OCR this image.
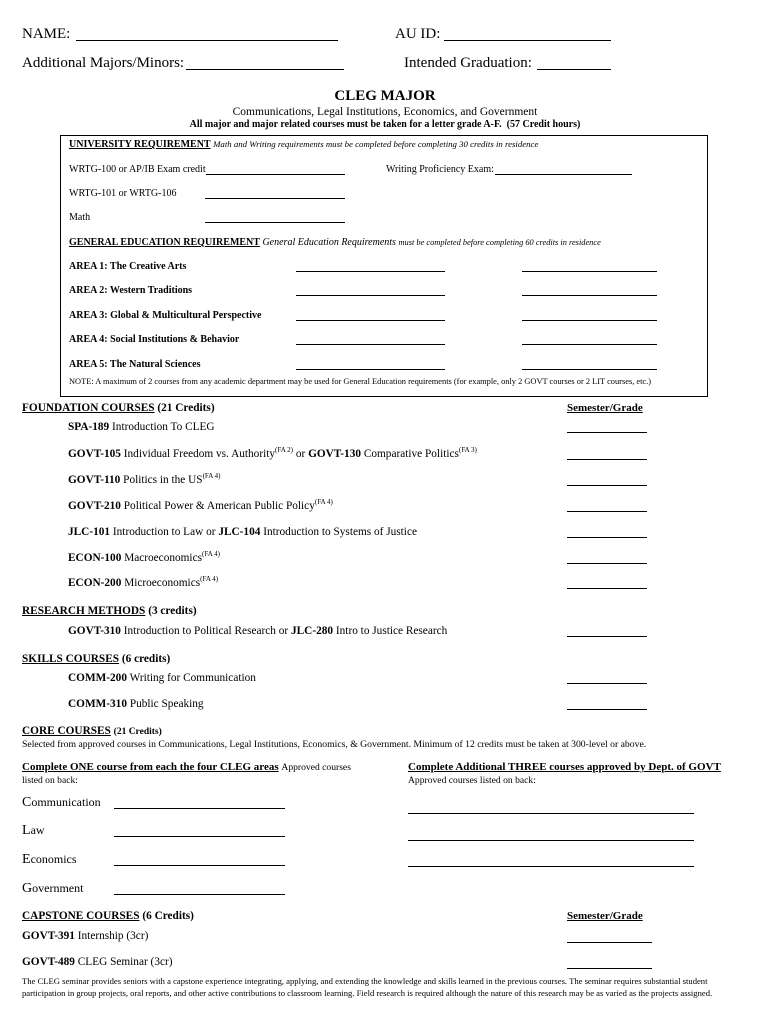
NAME:	AU ID:
Additional Majors/Minors:	Intended Graduation:
CLEG MAJOR
Communications, Legal Institutions, Economics, and Government
All major and major related courses must be taken for a letter grade A-F.  (57 Credit hours)
UNIVERSITY REQUIREMENT Math and Writing requirements must be completed before completing 30 credits in residence
WRTG-100 or AP/IB Exam credit	Writing Proficiency Exam:
WRTG-101 or WRTG-106
Math
GENERAL EDUCATION REQUIREMENT General Education Requirements must be completed before completing 60 credits in residence
AREA 1: The Creative Arts
AREA 2: Western Traditions
AREA 3: Global & Multicultural Perspective
AREA 4: Social Institutions & Behavior
AREA 5: The Natural Sciences
NOTE: A maximum of 2 courses from any academic department may be used for General Education requirements (for example, only 2 GOVT courses or 2 LIT courses, etc.)
FOUNDATION COURSES (21 Credits)	Semester/Grade
SPA-189 Introduction To CLEG
GOVT-105 Individual Freedom vs. Authority$^{(FA 2)}$ or GOVT-130 Comparative Politics$^{(FA 3)}$
GOVT-110 Politics in the $US^{(FA 4)}$
GOVT-210 Political Power & American Public Policy$^{(FA 4)}$
JLC-101 Introduction to Law or JLC-104 Introduction to Systems of Justice
ECON-100 Macroeconomics$^{(FA 4)}$
ECON-200 Microeconomics$^{(FA 4)}$
RESEARCH METHODS (3 credits)
GOVT-310 Introduction to Political Research or JLC-280 Intro to Justice Research
SKILLS COURSES (6 credits)
COMM-200 Writing for Communication
COMM-310 Public Speaking
CORE COURSES (21 Credits)
Selected from approved courses in Communications, Legal Institutions, Economics, & Government. Minimum of 12 credits must be taken at 300-level or above.
Complete ONE course from each the four CLEG areas Approved courses
listed on back:
Complete Additional THREE courses approved by Dept. of GOVT
Approved courses listed on back:
Communication
Law
Economics
Government
CAPSTONE COURSES (6 Credits)	Semester/Grade
GOVT-391 Internship (3cr)
GOVT-489 CLEG Seminar (3cr)
The CLEG seminar provides seniors with a capstone experience integrating, applying, and extending the knowledge and skills learned in the previous courses. The seminar requires substantial student participation in group projects, oral reports, and other active contributions to classroom learning. Field research is required although the nature of this research may be as varied as the projects assigned.
